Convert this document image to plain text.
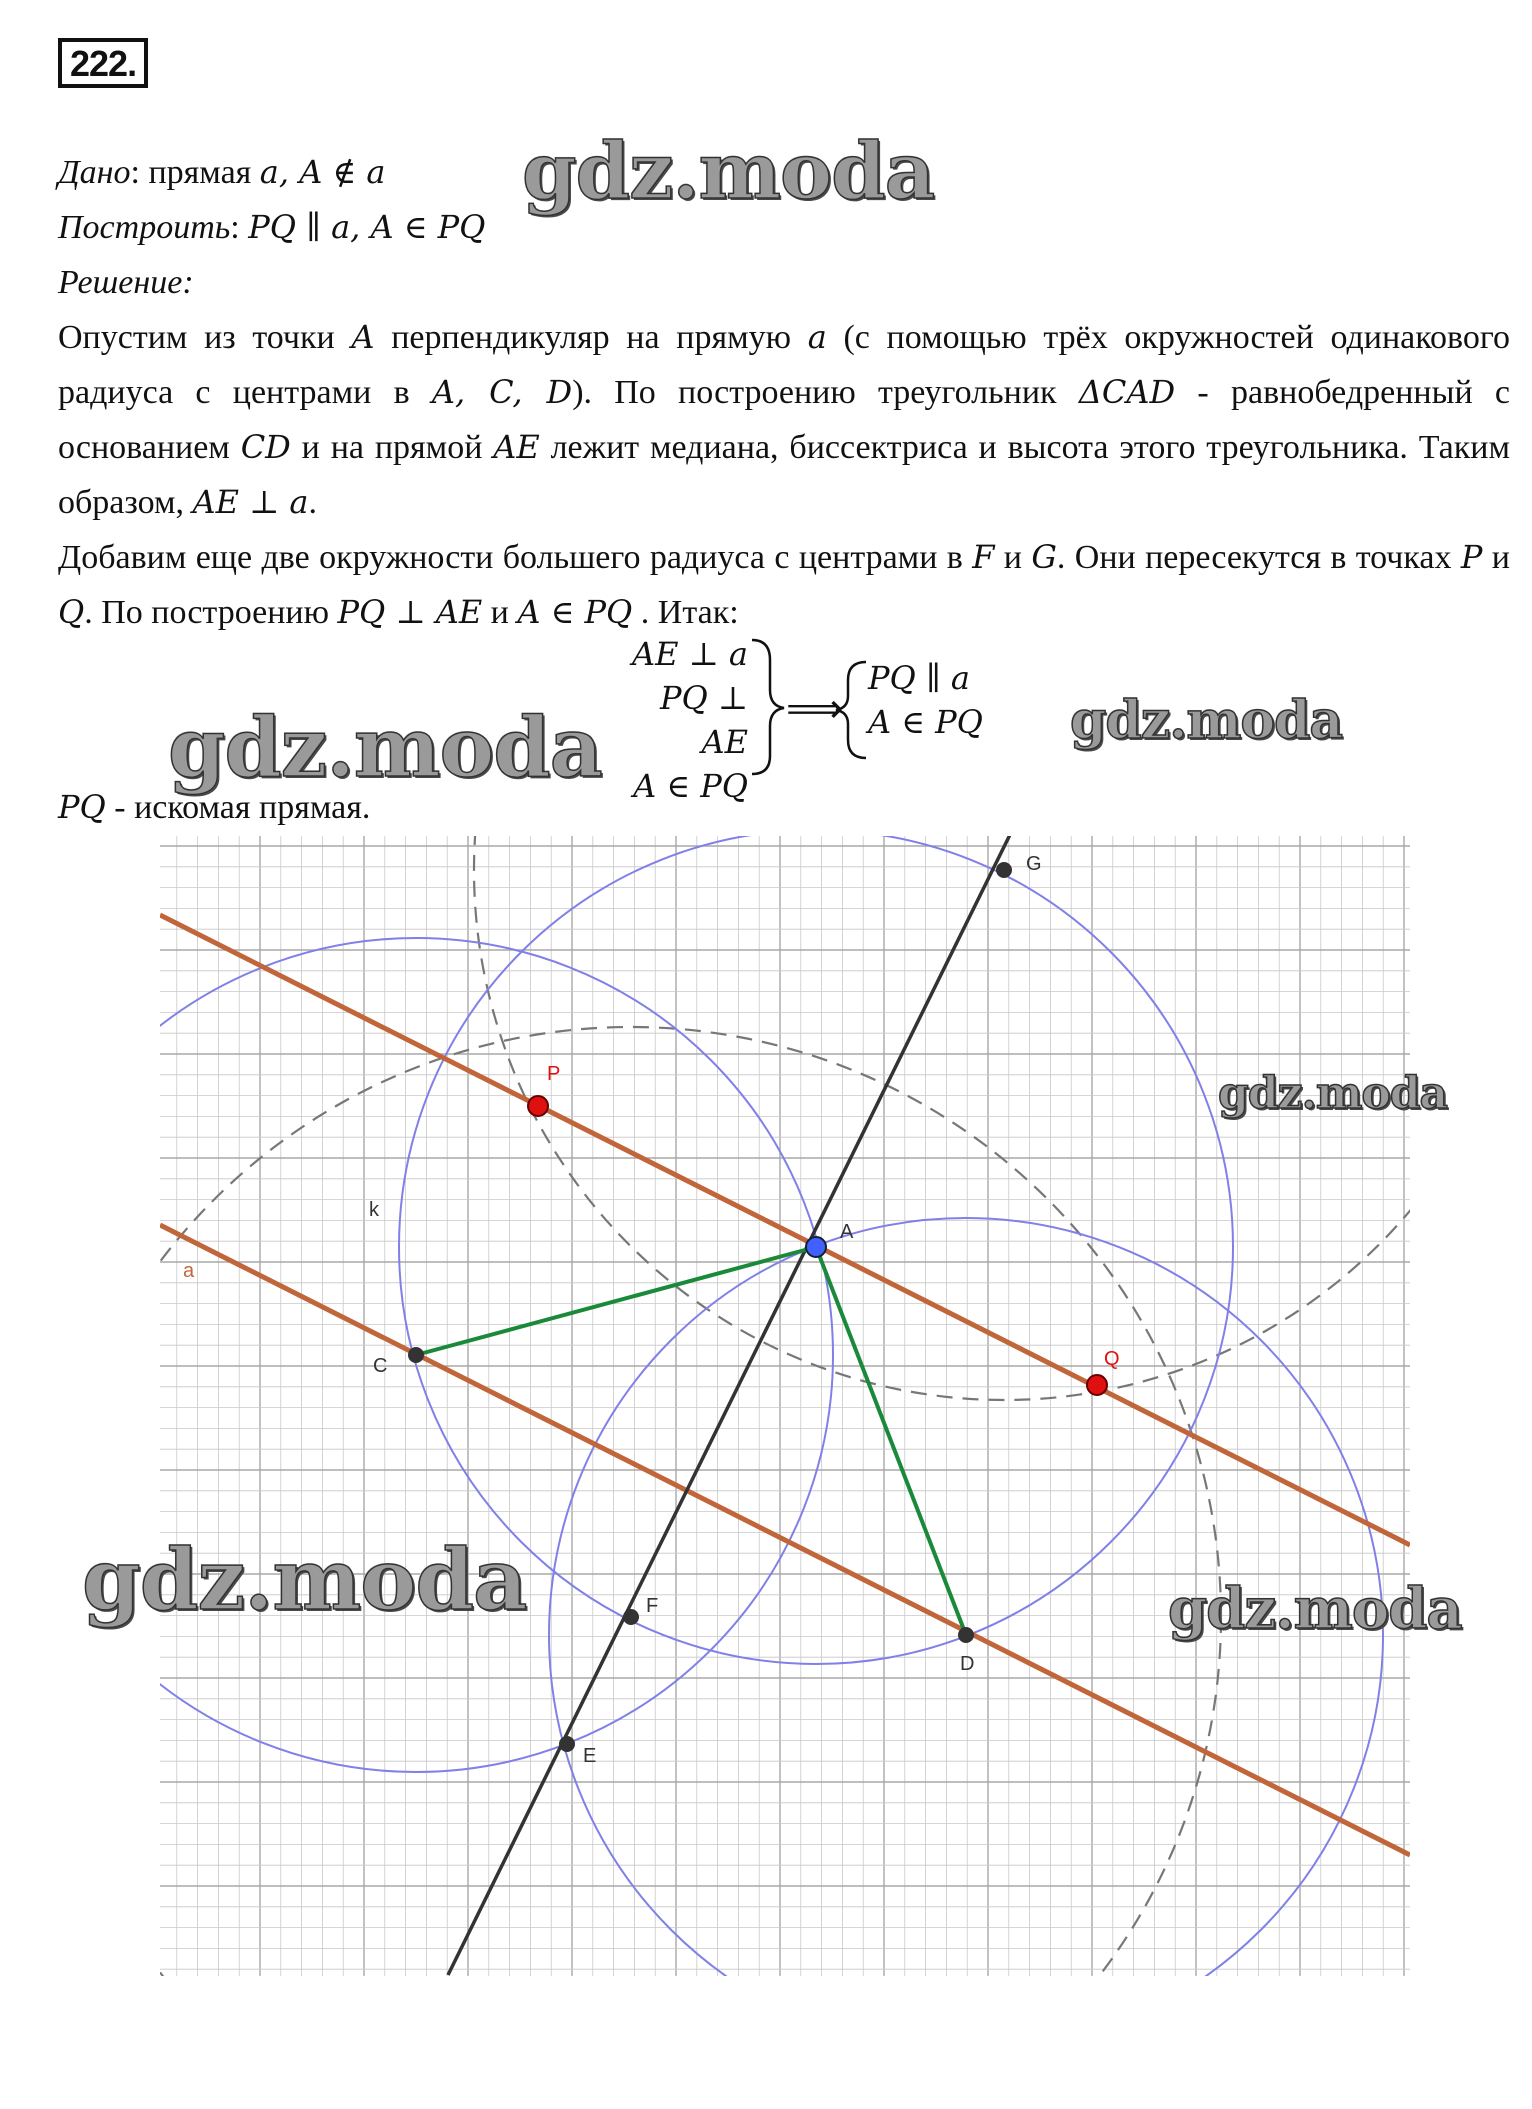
222.
Дано: прямая a, A ∉ a
Построить: PQ ∥ a, A ∈ PQ
Решение:
Опустим из точки A перпендикуляр на прямую a (с помощью трёх окружностей одинакового радиуса с центрами в A, C, D). По построению треугольник ΔCAD - равнобедренный с основанием CD и на прямой AE лежит медиана, биссектриса и высота этого треугольника. Таким образом, AE ⊥ a.
Добавим еще две окружности большего радиуса с центрами в F и G. Они пересекутся в точках P и Q. По построению PQ ⊥ AE и A ∈ PQ . Итак:
AE ⊥ a
PQ ⊥ AE
A ∈ PQ
⟹
PQ ∥ a
A ∈ PQ
PQ - искомая прямая.
G
P
A
Q
C
D
F
E
k
a
gdz.moda
gdz.moda	gdz.moda
gdz.moda
gdz.moda	gdz.moda
